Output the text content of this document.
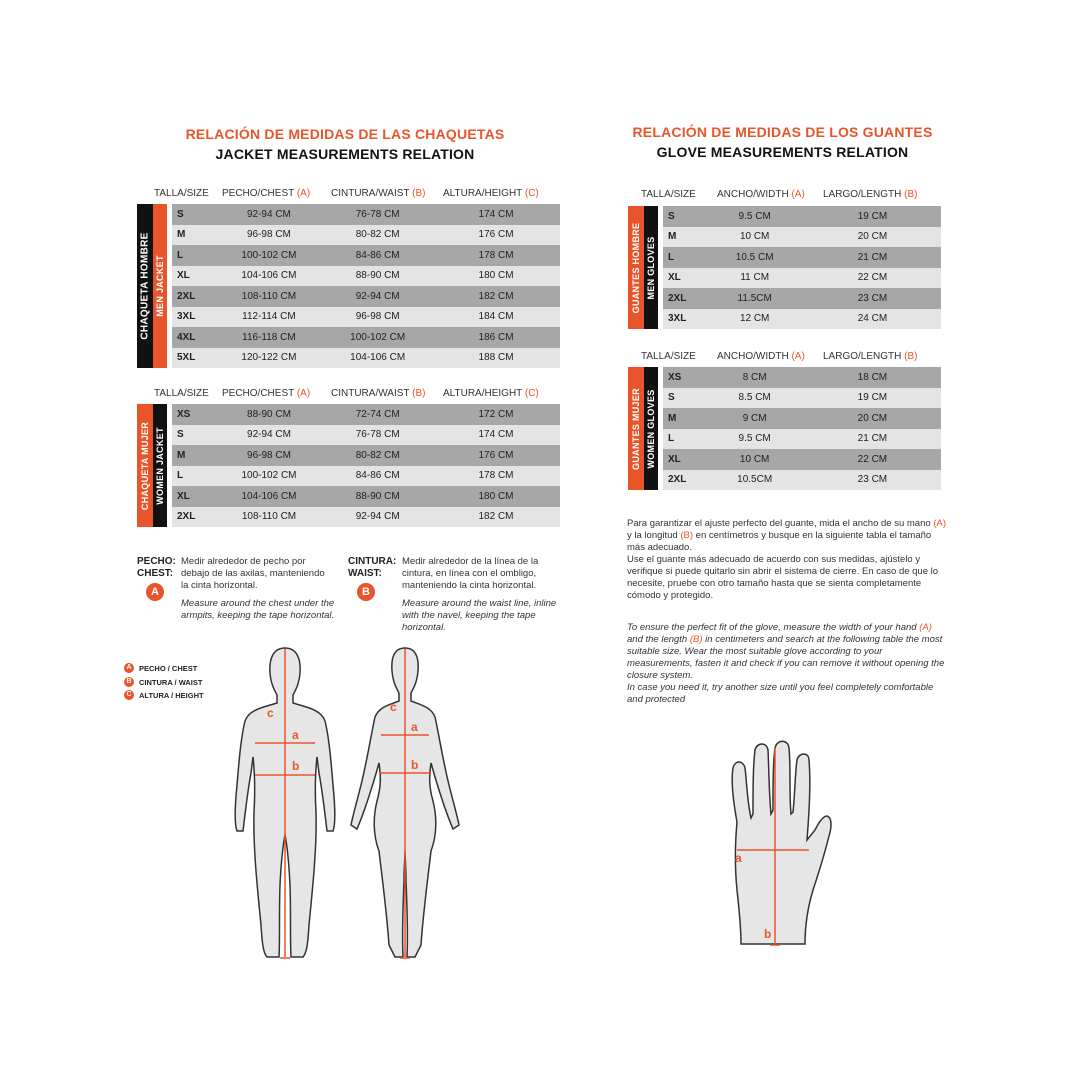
RELACIÓN DE MEDIDAS DE LAS CHAQUETAS
JACKET MEASUREMENTS RELATION
TALLA/SIZE PECHO/CHEST (A) CINTURA/WAIST (B) ALTURA/HEIGHT (C)
CHAQUETA HOMBRE MEN JACKET
S	92-94 CM	76-78 CM	174 CM
M	96-98 CM	80-82 CM	176 CM
L	100-102 CM	84-86 CM	178 CM
XL	104-106 CM	88-90 CM	180 CM
2XL	108-110 CM	92-94 CM	182 CM
3XL	112-114 CM	96-98 CM	184 CM
4XL	116-118 CM	100-102 CM	186 CM
5XL	120-122 CM	104-106 CM	188 CM
TALLA/SIZE PECHO/CHEST (A) CINTURA/WAIST (B) ALTURA/HEIGHT (C)
CHAQUETA MUJER WOMEN JACKET
XS	88-90 CM	72-74 CM	172 CM
S	92-94 CM	76-78 CM	174 CM
M	96-98 CM	80-82 CM	176 CM
L	100-102 CM	84-86 CM	178 CM
XL	104-106 CM	88-90 CM	180 CM
2XL	108-110 CM	92-94 CM	182 CM
PECHO:
CHEST:
A
Medir alrededor de pecho por debajo de las axilas, manteniendo la cinta horizontal.
Measure around the chest under the armpits, keeping the tape horizontal.
CINTURA:
WAIST:
B
Medir alrededor de la línea de la cintura, en línea con el ombligo, manteniendo la cinta horizontal.
Measure around the waist line, inline with the navel, keeping the tape horizontal.
A PECHO / CHEST
B CINTURA / WAIST
C ALTURA / HEIGHT
c
a
b
c
a
b
RELACIÓN DE MEDIDAS DE LOS GUANTES
GLOVE MEASUREMENTS RELATION
TALLA/SIZE ANCHO/WIDTH (A) LARGO/LENGTH (B)
GUANTES HOMBRE MEN GLOVES
S	9.5 CM	19 CM
M	10 CM	20 CM
L	10.5 CM	21 CM
XL	11 CM	22 CM
2XL	11.5CM	23 CM
3XL	12 CM	24 CM
TALLA/SIZE ANCHO/WIDTH (A) LARGO/LENGTH (B)
GUANTES MUJER WOMEN GLOVES
XS	8 CM	18 CM
S	8.5 CM	19 CM
M	9 CM	20 CM
L	9.5 CM	21 CM
XL	10 CM	22 CM
2XL	10.5CM	23 CM
Para garantizar el ajuste perfecto del guante, mida el ancho de su mano (A) y la longitud (B) en centímetros y busque en la siguiente tabla el tamaño más adecuado.
Use el guante más adecuado de acuerdo con sus medidas, ajústelo y verifique si puede quitarlo sin abrir el sistema de cierre. En caso de que lo necesite, pruebe con otro tamaño hasta que se sienta completamente cómodo y protegido.
To ensure the perfect fit of the glove, measure the width of your hand (A) and the length (B) in centimeters and search at the following table the most suitable size. Wear the most suitable glove according to your measurements, fasten it and check if you can remove it without opening the closure system.
In case you need it, try another size until you feel completely comfortable and protected
a
b
